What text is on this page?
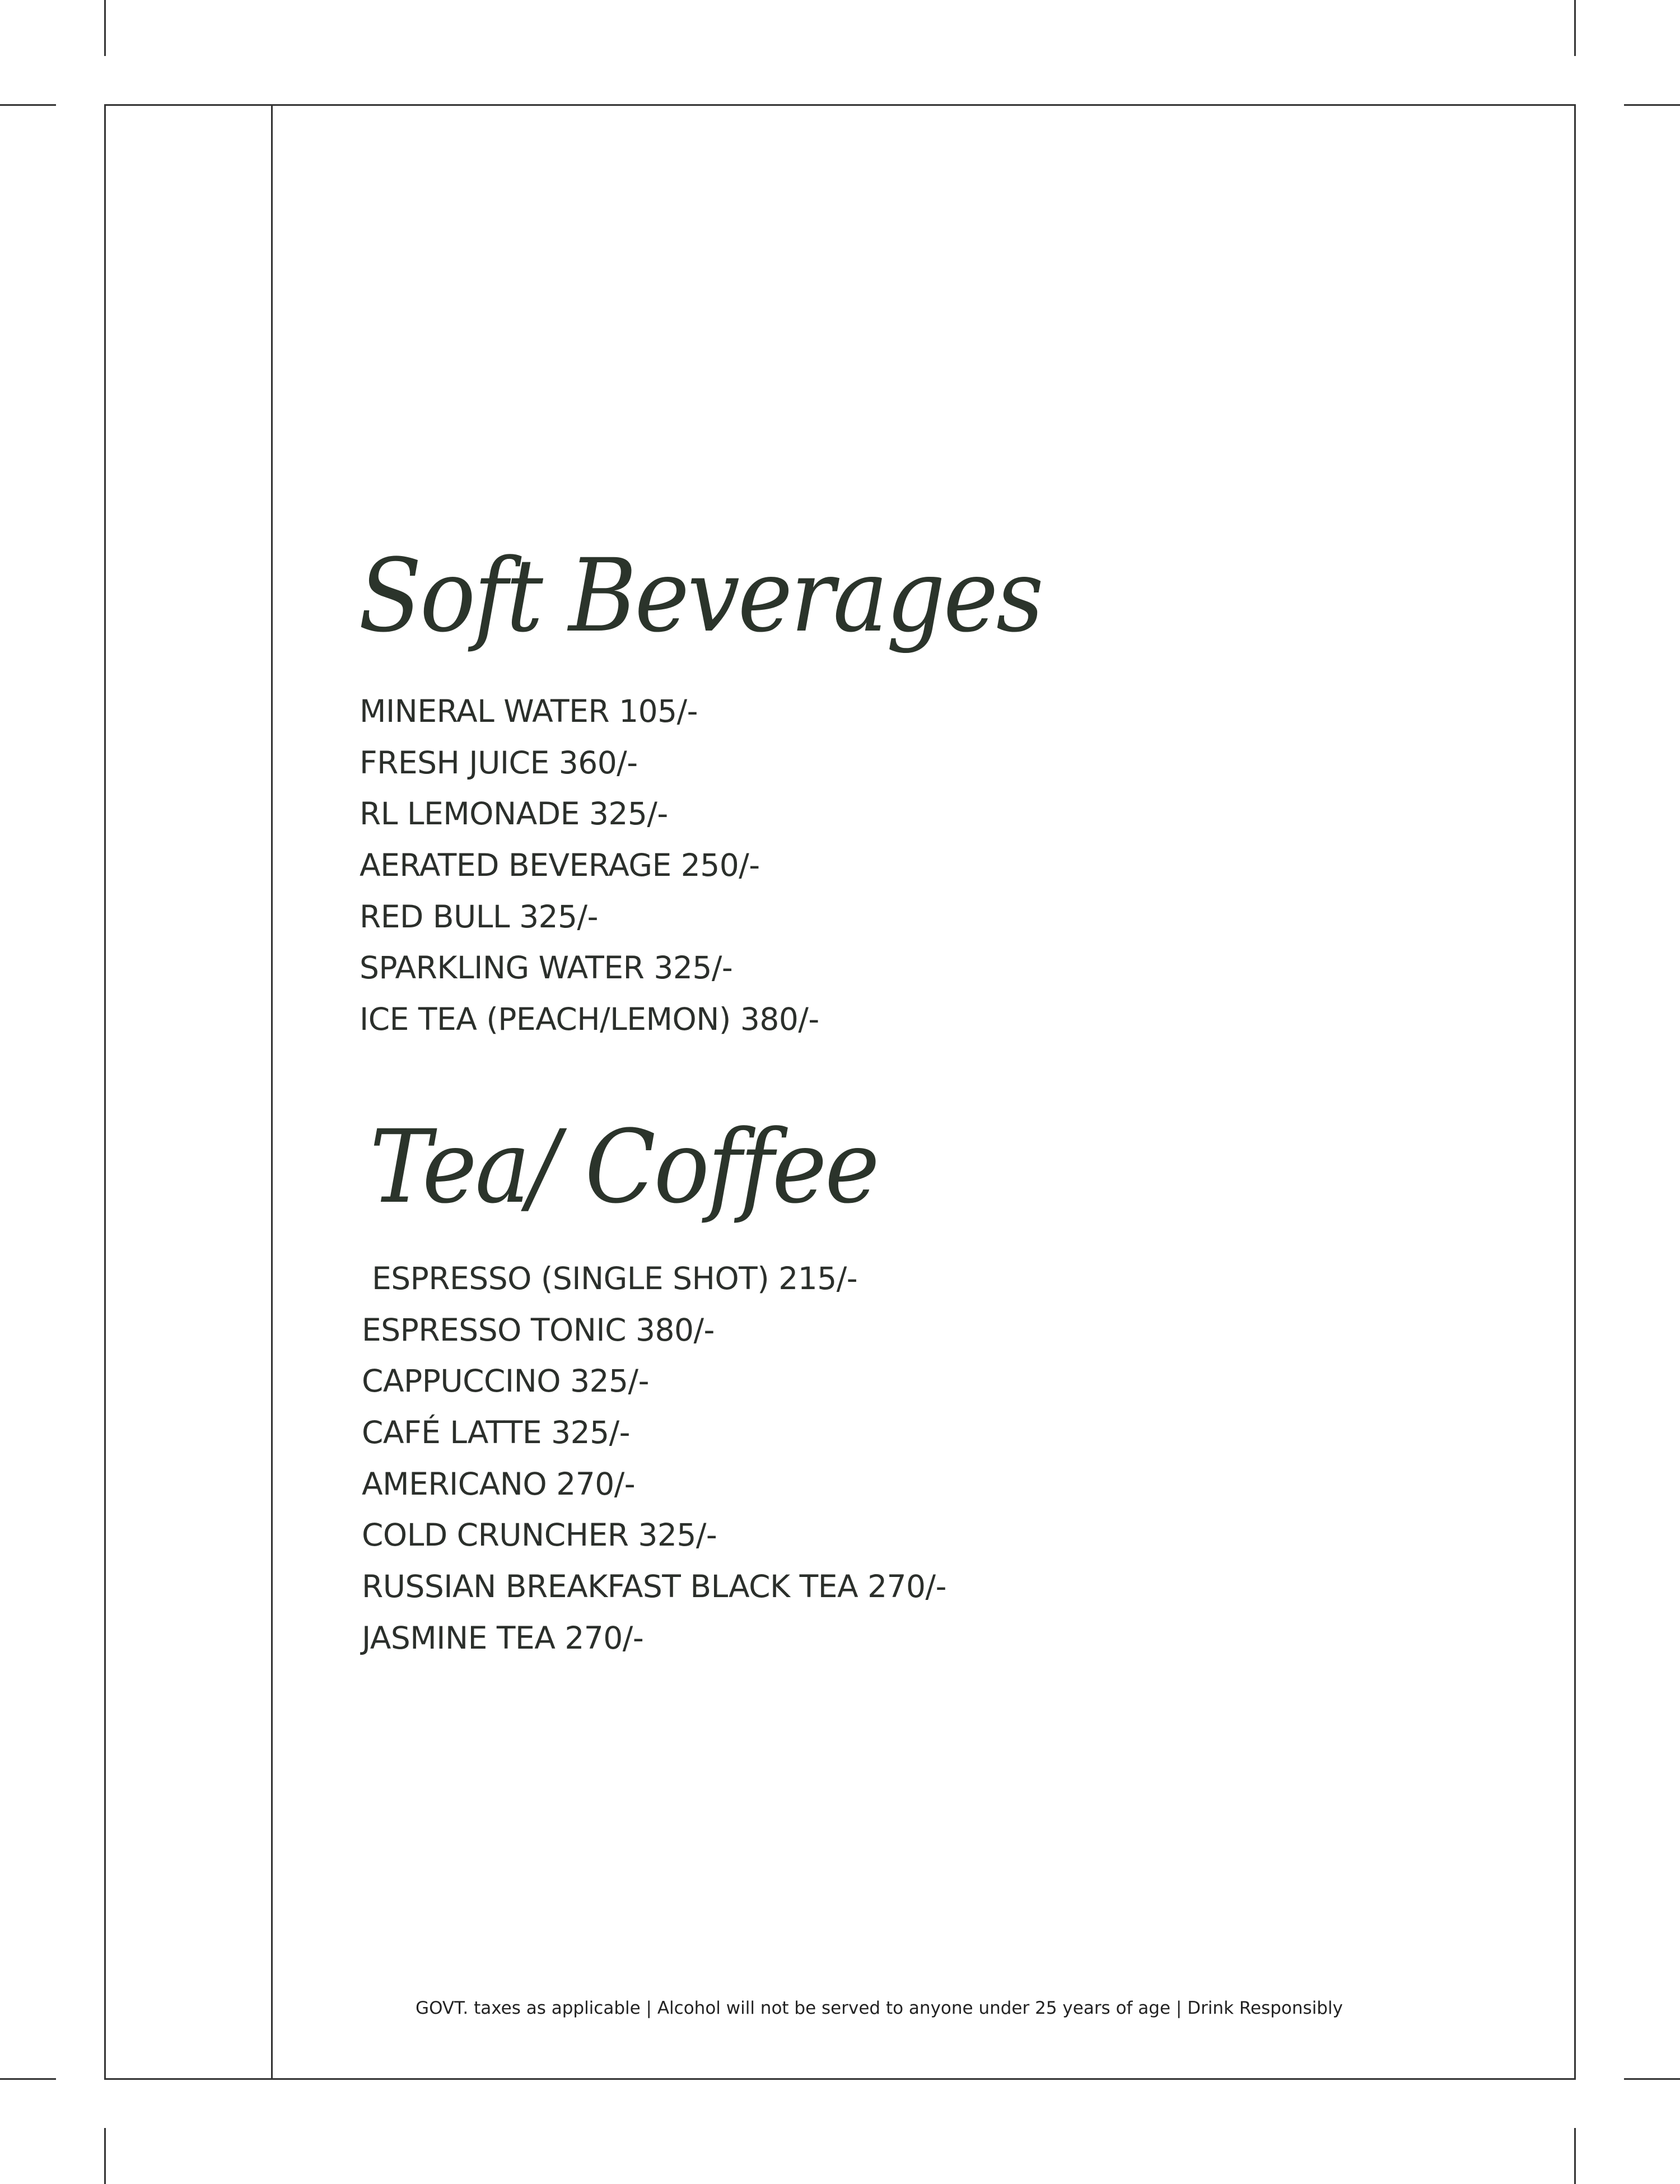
Soft Beverages
MINERAL WATER 105/-
FRESH JUICE 360/-
RL LEMONADE 325/-
AERATED BEVERAGE 250/-
RED BULL 325/-
SPARKLING WATER 325/-
ICE TEA (PEACH/LEMON) 380/-
Tea/ Coffee
ESPRESSO (SINGLE SHOT) 215/-
ESPRESSO TONIC 380/-
CAPPUCCINO 325/-
CAFÉ LATTE 325/-
AMERICANO 270/-
COLD CRUNCHER 325/-
RUSSIAN BREAKFAST BLACK TEA 270/-
JASMINE TEA 270/-
GOVT. taxes as applicable | Alcohol will not be served to anyone under 25 years of age | Drink Responsibly
